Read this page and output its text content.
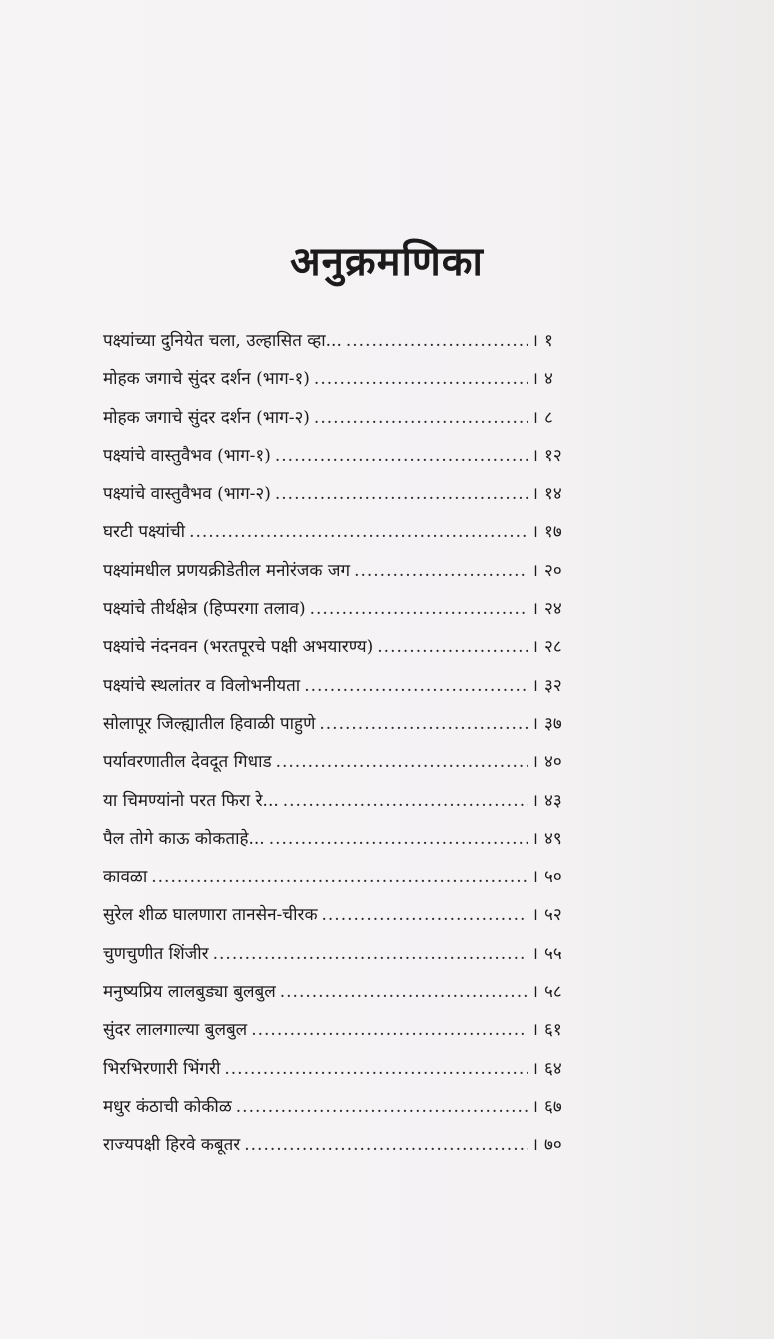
अनुक्रमणिका
पक्ष्यांच्या दुनियेत चला, उल्हासित व्हा... .....	। १
मोहक जगाचे सुंदर दर्शन (भाग-१) .....	। ४
मोहक जगाचे सुंदर दर्शन (भाग-२) .....	। ८
पक्ष्यांचे वास्तुवैभव (भाग-१) .....	। १२
पक्ष्यांचे वास्तुवैभव (भाग-२) .....	। १४
घरटी पक्ष्यांची .....	। १७
पक्ष्यांमधील प्रणयक्रीडेतील मनोरंजक जग .....	। २०
पक्ष्यांचे तीर्थक्षेत्र (हिप्परगा तलाव) .....	। २४
पक्ष्यांचे नंदनवन (भरतपूरचे पक्षी अभयारण्य) .....	। २८
पक्ष्यांचे स्थलांतर व विलोभनीयता .....	। ३२
सोलापूर जिल्ह्यातील हिवाळी पाहुणे .....	। ३७
पर्यावरणातील देवदूत गिधाड .....	। ४०
या चिमण्यांनो परत फिरा रे... .....	। ४३
पैल तोगे काऊ कोकताहे... .....	। ४९
कावळा .....	। ५०
सुरेल शीळ घालणारा तानसेन-चीरक .....	। ५२
चुणचुणीत शिंजीर .....	। ५५
मनुष्यप्रिय लालबुड्या बुलबुल .....	। ५८
सुंदर लालगाल्या बुलबुल .....	। ६१
भिरभिरणारी भिंगरी .....	। ६४
मधुर कंठाची कोकीळ .....	। ६७
राज्यपक्षी हिरवे कबूतर .....	। ७०
